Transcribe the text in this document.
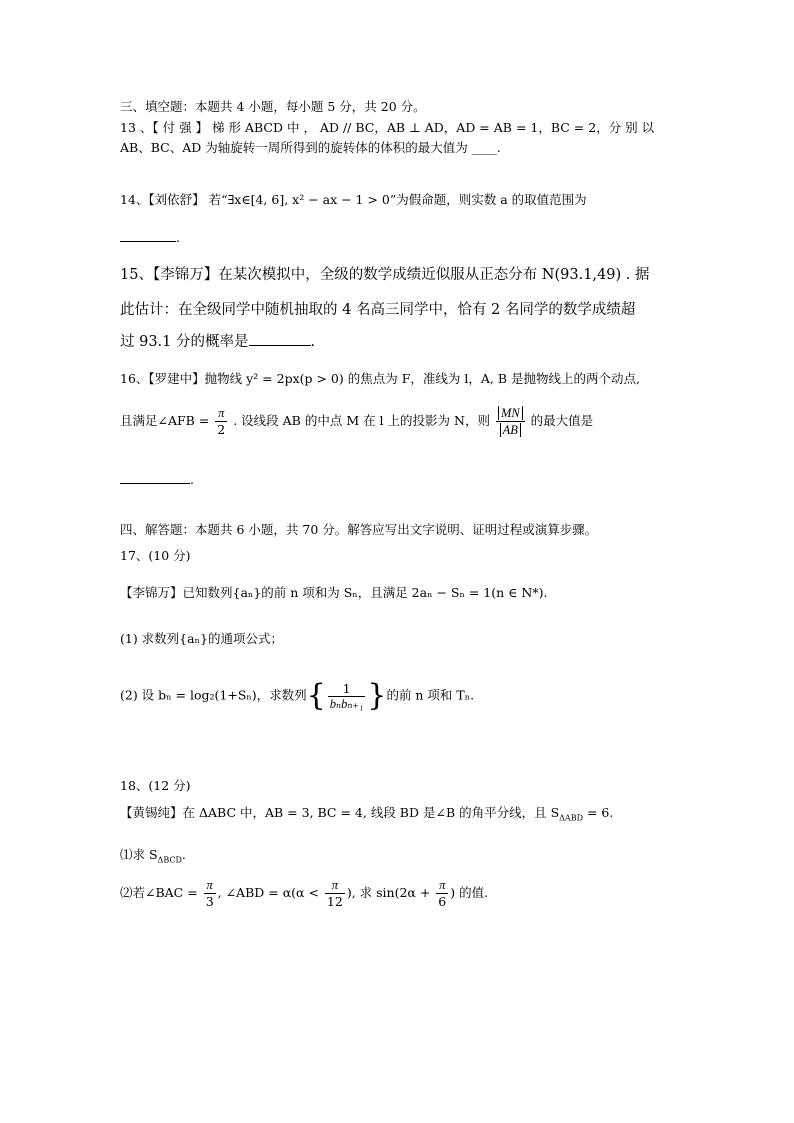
三、填空题：本题共 4 小题，每小题 5 分，共 20 分。
13 、【 付 强 】 梯 形 ABCD 中 ， AD // BC，AB ⊥ AD，AD = AB = 1，BC = 2，分 别 以
AB、BC、AD 为轴旋转一周所得到的旋转体的体积的最大值为 ____.
14、【刘依舒】 若“∃x∈[4, 6], x² − ax − 1 > 0”为假命题，则实数 a 的取值范围为
.
15、【李锦万】在某次模拟中，全级的数学成绩近似服从正态分布 N(93.1,49) . 据
此估计：在全级同学中随机抽取的 4 名高三同学中，恰有 2 名同学的数学成绩超
过 93.1 分的概率是	.
16、【罗建中】抛物线 y² = 2px(p > 0) 的焦点为 F，准线为 l，A, B 是抛物线上的两个动点,
且满足∠AFB = $\frac{\pi}{2}$ . 设线段 AB 的中点 M 在 l 上的投影为 N，则 $\frac{MN}{AB}$ 的最大值是
.
四、解答题：本题共 6 小题，共 70 分。解答应写出文字说明、证明过程或演算步骤。
17、(10 分)
【李锦万】已知数列{aₙ}的前 n 项和为 Sₙ，且满足 2aₙ − Sₙ = 1(n ∈ N*).
(1) 求数列{aₙ}的通项公式；
(2) 设 bₙ = log₂(1+Sₙ)，求数列{ $\frac{1}{\text{bₙbₙ₊₁}}$ }的前 n 项和 Tₙ.
18、(12 分)
【黄锡纯】在 ΔABC 中，AB = 3, BC = 4, 线段 BD 是∠B 的角平分线，且 $S_{\Delta ABD} = 6$.
⑴求 $S_{\Delta BCD}$.
⑵若∠BAC = $\frac{\pi}{3}$ , ∠ABD = $\alpha(\alpha < \frac{\pi}{12}$ ), 求 $\sin(2\alpha + \frac{\pi}{6}$ ) 的值.
